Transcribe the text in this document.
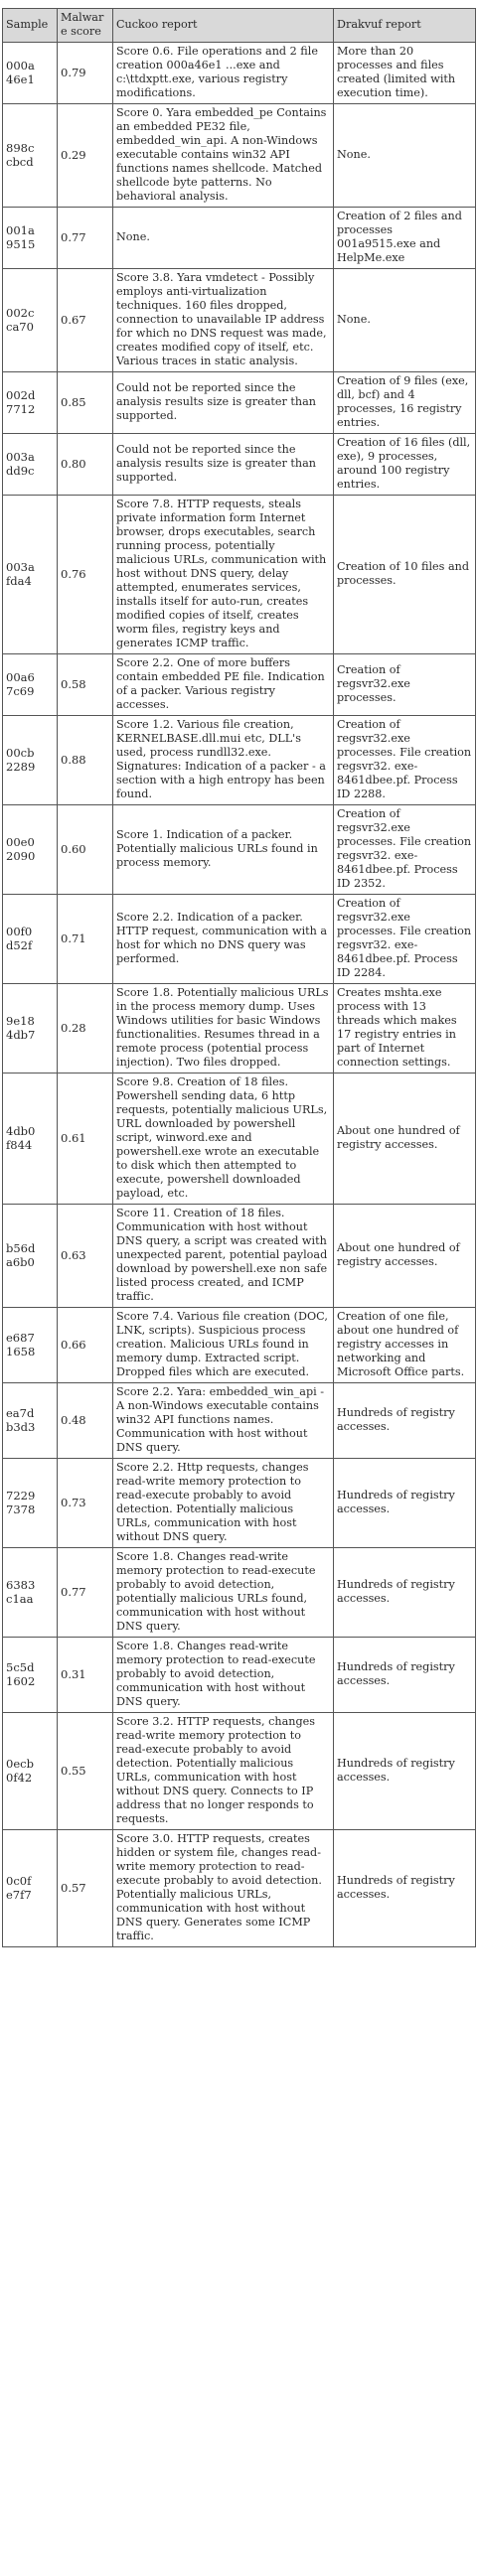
Sample	Malware score	Cuckoo report	Drakvuf report
000a 46e1	0.79	Score 0.6. File operations and 2 file creation 000a46e1 ...exe and c:\ttdxptt.exe, various registry modifications.	More than 20 processes and files created (limited with execution time).
898c cbcd	0.29	Score 0. Yara embedded_pe Contains an embedded PE32 file, embedded_win_api. A non-Windows executable contains win32 API functions names shellcode. Matched shellcode byte patterns. No behavioral analysis.	None.
001a 9515	0.77	None.	Creation of 2 files and processes 001a9515.exe and HelpMe.exe
002c ca70	0.67	Score 3.8. Yara vmdetect - Possibly employs anti-virtualization techniques. 160 files dropped, connection to unavailable IP address for which no DNS request was made, creates modified copy of itself, etc. Various traces in static analysis.	None.
002d 7712	0.85	Could not be reported since the analysis results size is greater than supported.	Creation of 9 files (exe, dll, bcf) and 4 processes, 16 registry entries.
003a dd9c	0.80	Could not be reported since the analysis results size is greater than supported.	Creation of 16 files (dll, exe), 9 processes, around 100 registry entries.
003a fda4	0.76	Score 7.8. HTTP requests, steals private information form Internet browser, drops executables, search running process, potentially malicious URLs, communication with host without DNS query, delay attempted, enumerates services, installs itself for auto-run, creates modified copies of itself, creates worm files, registry keys and generates ICMP traffic.	Creation of 10 files and processes.
00a6 7c69	0.58	Score 2.2. One of more buffers contain embedded PE file. Indication of a packer. Various registry accesses.	Creation of regsvr32.exe processes.
00cb 2289	0.88	Score 1.2. Various file creation, KERNELBASE.dll.mui etc, DLL's used, process rundll32.exe. Signatures: Indication of a packer - a section with a high entropy has been found.	Creation of regsvr32.exe processes. File creation regsvr32. exe-8461dbee.pf. Process ID 2288.
00e0 2090	0.60	Score 1. Indication of a packer. Potentially malicious URLs found in process memory.	Creation of regsvr32.exe processes. File creation regsvr32. exe-8461dbee.pf. Process ID 2352.
00f0 d52f	0.71	Score 2.2. Indication of a packer. HTTP request, communication with a host for which no DNS query was performed.	Creation of regsvr32.exe processes. File creation regsvr32. exe-8461dbee.pf. Process ID 2284.
9e18 4db7	0.28	Score 1.8. Potentially malicious URLs in the process memory dump. Uses Windows utilities for basic Windows functionalities. Resumes thread in a remote process (potential process injection). Two files dropped.	Creates mshta.exe process with 13 threads which makes 17 registry entries in part of Internet connection settings.
4db0 f844	0.61	Score 9.8. Creation of 18 files. Powershell sending data, 6 http requests, potentially malicious URLs, URL downloaded by powershell script, winword.exe and powershell.exe wrote an executable to disk which then attempted to execute, powershell downloaded payload, etc.	About one hundred of registry accesses.
b56d a6b0	0.63	Score 11. Creation of 18 files. Communication with host without DNS query, a script was created with unexpected parent, potential payload download by powershell.exe non safe listed process created, and ICMP traffic.	About one hundred of registry accesses.
e687 1658	0.66	Score 7.4. Various file creation (DOC, LNK, scripts). Suspicious process creation. Malicious URLs found in memory dump. Extracted script. Dropped files which are executed.	Creation of one file, about one hundred of registry accesses in networking and Microsoft Office parts.
ea7d b3d3	0.48	Score 2.2. Yara: embedded_win_api - A non-Windows executable contains win32 API functions names. Communication with host without DNS query.	Hundreds of registry accesses.
7229 7378	0.73	Score 2.2. Http requests, changes read-write memory protection to read-execute probably to avoid detection. Potentially malicious URLs, communication with host without DNS query.	Hundreds of registry accesses.
6383 c1aa	0.77	Score 1.8. Changes read-write memory protection to read-execute probably to avoid detection, potentially malicious URLs found, communication with host without DNS query.	Hundreds of registry accesses.
5c5d 1602	0.31	Score 1.8. Changes read-write memory protection to read-execute probably to avoid detection, communication with host without DNS query.	Hundreds of registry accesses.
0ecb 0f42	0.55	Score 3.2. HTTP requests, changes read-write memory protection to read-execute probably to avoid detection. Potentially malicious URLs, communication with host without DNS query. Connects to IP address that no longer responds to requests.	Hundreds of registry accesses.
0c0f e7f7	0.57	Score 3.0. HTTP requests, creates hidden or system file, changes read-write memory protection to read-execute probably to avoid detection. Potentially malicious URLs, communication with host without DNS query. Generates some ICMP traffic.	Hundreds of registry accesses.
